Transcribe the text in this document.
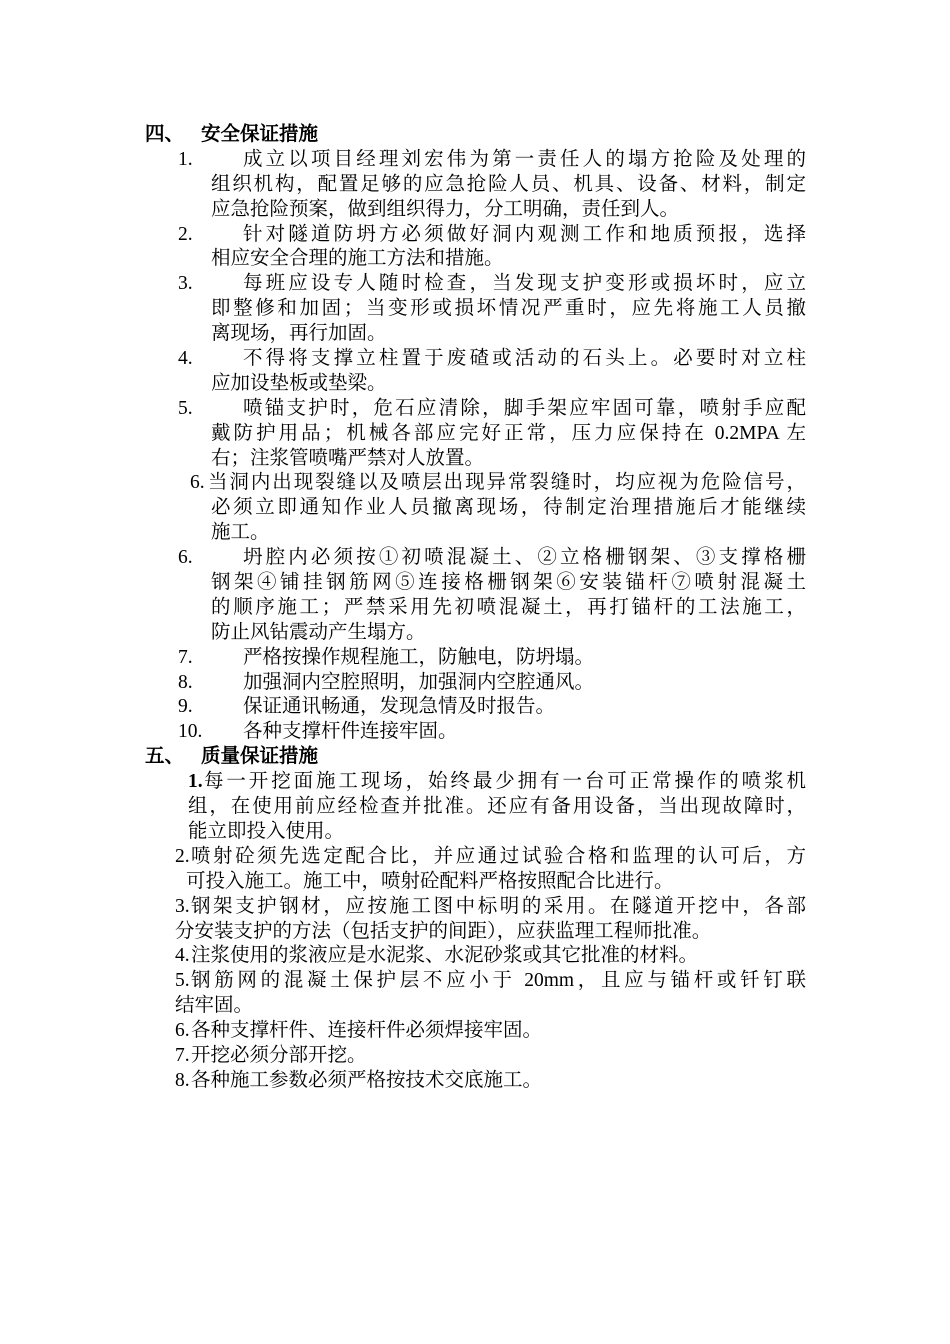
四、 安全保证措施
1.	成立以项目经理刘宏伟为第一责任人的塌方抢险及处理的
组织机构，配置足够的应急抢险人员、机具、设备、材料，制定
应急抢险预案，做到组织得力，分工明确，责任到人。
2.	针对隧道防坍方必须做好洞内观测工作和地质预报，选择
相应安全合理的施工方法和措施。
3.	每班应设专人随时检查，当发现支护变形或损坏时，应立
即整修和加固；当变形或损坏情况严重时，应先将施工人员撤
离现场，再行加固。
4.	不得将支撑立柱置于废碴或活动的石头上。必要时对立柱
应加设垫板或垫梁。
5.	喷锚支护时，危石应清除，脚手架应牢固可靠，喷射手应配
戴防护用品；机械各部应完好正常，压力应保持在 0.2MPA 左
右；注浆管喷嘴严禁对人放置。
6. 当洞内出现裂缝以及喷层出现异常裂缝时，均应视为危险信号，
必须立即通知作业人员撤离现场，待制定治理措施后才能继续
施工。
6.	坍腔内必须按①初喷混凝土、②立格栅钢架、③支撑格栅
钢架④铺挂钢筋网⑤连接格栅钢架⑥安装锚杆⑦喷射混凝土
的顺序施工；严禁采用先初喷混凝土，再打锚杆的工法施工，
防止风钻震动产生塌方。
7.	严格按操作规程施工，防触电，防坍塌。
8.	加强洞内空腔照明，加强洞内空腔通风。
9.	保证通讯畅通，发现急情及时报告。
10. 各种支撑杆件连接牢固。
五、 质量保证措施
1. 每一开挖面施工现场，始终最少拥有一台可正常操作的喷浆机
组，在使用前应经检查并批准。还应有备用设备，当出现故障时，
能立即投入使用。
2. 喷射砼须先选定配合比，并应通过试验合格和监理的认可后，方
可投入施工。施工中，喷射砼配料严格按照配合比进行。
3. 钢架支护钢材，应按施工图中标明的采用。在隧道开挖中，各部
分安装支护的方法（包括支护的间距），应获监理工程师批准。
4. 注浆使用的浆液应是水泥浆、水泥砂浆或其它批准的材料。
5. 钢筋网的混凝土保护层不应小于 20mm，且应与锚杆或钎钉联
结牢固。
6. 各种支撑杆件、连接杆件必须焊接牢固。
7. 开挖必须分部开挖。
8. 各种施工参数必须严格按技术交底施工。
